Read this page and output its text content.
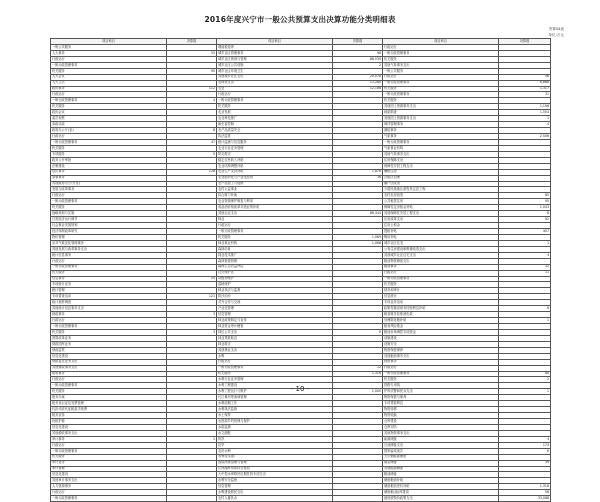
2016年度兴宁市一般公共预算支出决算功能分类明细表
决算04表
单位:万元
项目科目	决算数	项目科目	决算数	项目科目	决算数
一般公共服务		增值税退库		行政运行	
人大事务	53	城乡社区管理事务	98	一般行政管理事务	
行政运行		城乡社区规划与管理	86,539	机关服务	
一般行政管理事务		城乡社区公共设施	2	其他气象事务支出	
机关服务	95	城乡社区环境卫生		一般公共服务	
人大会议		其他城乡社区支出	20,078	行政运行	56
人大立法		农林水支出	13,280	一般行政管理事务	6,868
政协事务	112	农业	12,186	机关服务	1,317
行政运行		行政运行		一般行政管理事务	31
一般行政管理事务	4	一般行政管理事务		机关服务	
机关服务		机关服务		其他国土资源事务支出	1,196
政协会议		农业发展		地质勘查	1,554
委员视察		农业科技推广		其他国土资源事务支出	1
参政议政		病虫害控制		海洋管理事务	4
政府办公厅(室)	8	农产品质量安全		测绘事务	
行政运行		执法监管		气象事务	2,506
一般行政管理事务	47	统计监测与信息服务		一般行政管理事务	
机关服务		农业行业业务管理		气象事业机构	
专项服务	5	防灾救灾		其他气象事务支出	
政务公开审批		稳定农民收入补贴		住房保障支出	
法制建设		农业结构调整补贴		保障性安居工程支出	
信访事务	128	农业生产支持补贴	1,876	廉租住房	
参事事务		农业组织化与产业化经营	16	沉陷区治理	
其他政府办公厅(室)		农产品加工与促销		棚户区改造	
发展与改革事务		农村公益事业		少数民族地区游牧民定居工程	
行政运行		综合财力补助		农村危房改造	85
一般行政管理事务		农业资源保护修复与利用		公共租赁住房	95
机关服务		成品油价格改革对渔业的补贴		保障性住房租金补贴	1,043
战略规划与实施		其他农业支出	86,344	其他保障性安居工程支出	8
日常经济运行调节		林业		住房改革支出	92
社会事业发展规划		行政运行		住房公积金	
经济体制改革研究		一般行政管理事务		提租补贴	407
物价管理		机关服务	1,069	购房补贴	
应对气候变化管理事务		林业事业机构	1,068	城乡社区住宅	1
其他发展与改革事务支出		森林培育		公有住房建设和维修改造支出	
统计信息事务		林业技术推广		其他城乡社区住宅支出	4
行政运行		森林资源管理		粮油物资储备支出	
一般行政管理事务		森林生态效益补偿		粮油事务	12
机关服务		自然保护区		行政运行	11
信息事务	25	动植物保护		一般行政管理事务	
专项统计业务		湿地保护		机关服务	
统计管理		林业执法与监督		财务和审计	
专项普查活动	121	防沙治沙		信息统计	
统计抽样调查		对外合作与交流		专项业务活动	
其他统计信息事务支出		产业化管理		政策性粮食财务挂账利息补贴	6
财政事务	3	信息管理		粮食财务挂账消化款	
行政运行		林业政策制定与宣传		处理陈化粮补贴	1
一般行政管理事务		林业资金审计稽查		粮食风险基金	
机关服务	3	林区公共支出	9	粮油市场调控专项资金	
预算改革业务		林业贷款贴息		设施建设	
财政国库业务		林业救灾		设施安全	
财政监察		其他林业支出		物资保管保养	
信息化建设		水利		其他粮油事务支出	
财政委托业务支出		行政运行		物资事务	
其他财政事务支出		一般行政管理事务	12	行政运行	
税收事务		机关服务	1,316	一般行政管理事务	80
行政运行		水利行业业务管理		机关服务	2
一般行政管理事务		水利工程建设		铁路专用线	
机关服务		水利工程运行与维护	1,000	护库武警和民兵支出	1
税务办案		长江黄河等流域管理		物资保管与保养	
税务登记证及发票管理		水利前期工作		专项贷款利息	
代扣代收代征税款手续费		水利执法监督		物资转移	
税务宣传		水土保持		物资轮换	
协税护税		水资源节约管理与保护		仓库建设	
信息化建设		水质监测		仓库安防	
其他税收事务支出		水文测报		其他物资事务支出	
审计事务	1	防汛		能源储备	4
行政运行		抗旱		石油储备支出	174
一般行政管理事务		农田水利		国家留成油井	6
机关服务		水利技术推广		天然铀能源储备	
审计业务		国际河流治理与管理		煤炭储备	39
审计管理		江河湖库水系综合整治		其他能源储备	
信息化建设		大中型水库移民后期扶持专项支出		粮油储备	
其他审计事务支出		水利安全监督		储备粮油补贴	
人力资源事务		信息管理		储备粮油差价补贴	1,316
行政运行		水利建设移民支出		储备粮(油)库建设	56
一般行政管理事务		农村人畜饮水		最低收购价政策支出	33,088
- 10 -
